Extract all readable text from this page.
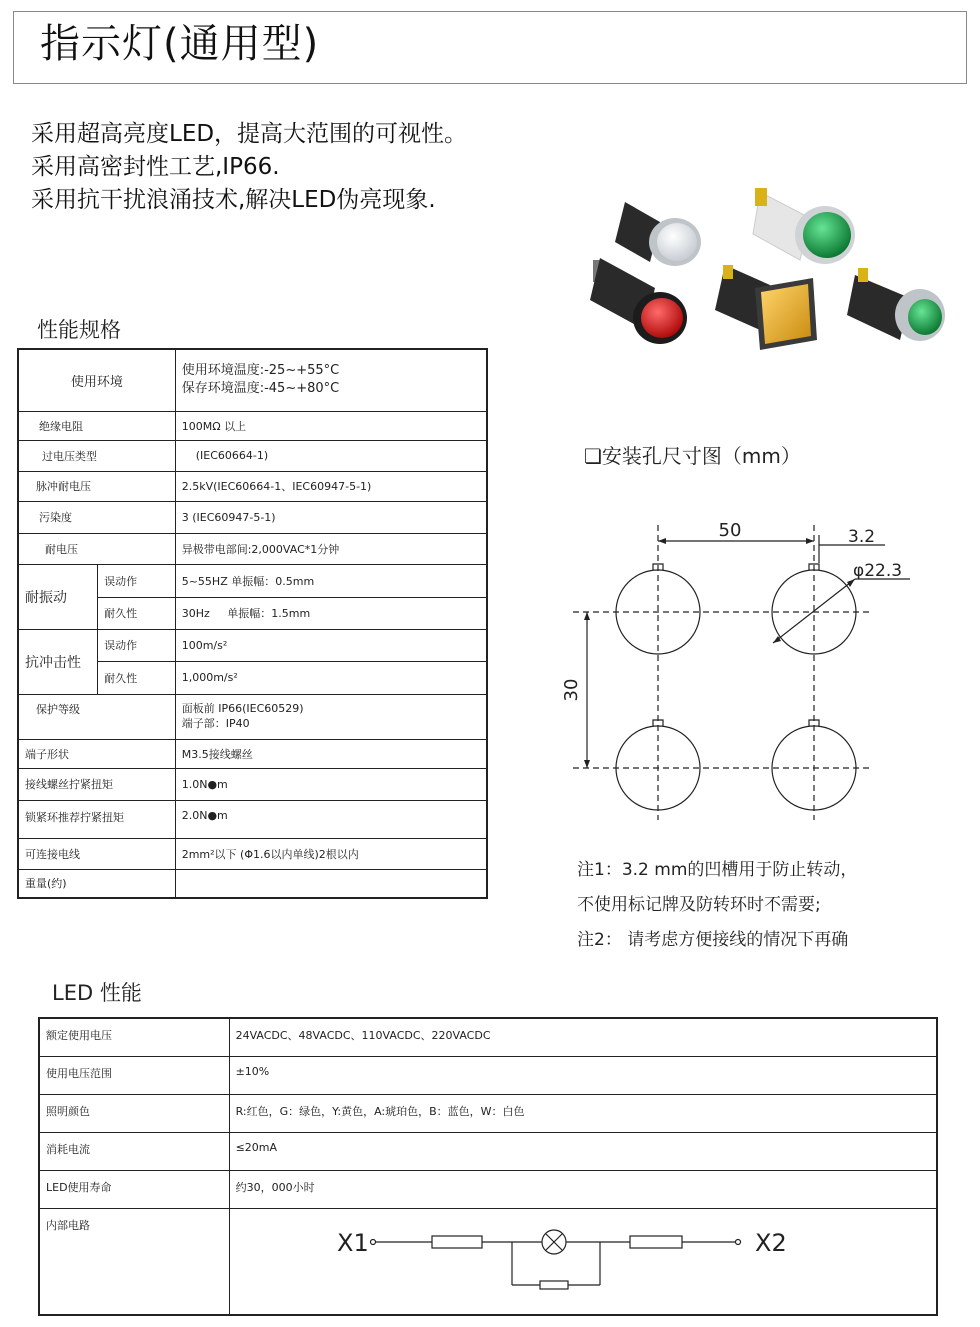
指示灯(通用型)
采用超高亮度LED，提高大范围的可视性。
采用高密封性工艺,IP66.
采用抗干扰浪涌技术,解决LED伪亮现象.
性能规格
使用环境		使用环境温度:-25~+55°C
保存环境温度:-45~+80°C

绝缘电阻		100MΩ 以上
过电压类型		(IEC60664-1)
脉冲耐电压		2.5kV(IEC60664-1、IEC60947-5-1)
污染度		3 (IEC60947-5-1)
耐电压		异极带电部间:2,000VAC*1分钟
耐振动	误动作	5~55HZ 单振幅：0.5mm
	耐久性	30Hz     单振幅：1.5mm
抗冲击性	误动作	100m/s²
	耐久性	1,000m/s²
保护等级		面板前 IP66(IEC60529)
端子部：IP40

端子形状		M3.5接线螺丝
接线螺丝拧紧扭矩		1.0N●m
锁紧环推荐拧紧扭矩		2.0N●m
可连接电线		2mm²以下 (Φ1.6以内单线)2根以内
重量(约)		
❏安装孔尺寸图（mm）
50	3.2
φ22.3
30
注1：3.2 mm的凹槽用于防止转动，
不使用标记牌及防转环时不需要;
注2： 请考虑方便接线的情况下再确
LED 性能
额定使用电压	24VACDC、48VACDC、110VACDC、220VACDC
使用电压范围	±10%
照明颜色	R:红色，G：绿色，Y:黄色，A:琥珀色，B：蓝色，W：白色
消耗电流	≤20mA
LED使用寿命	约30，000小时
内部电路	X1 X2
